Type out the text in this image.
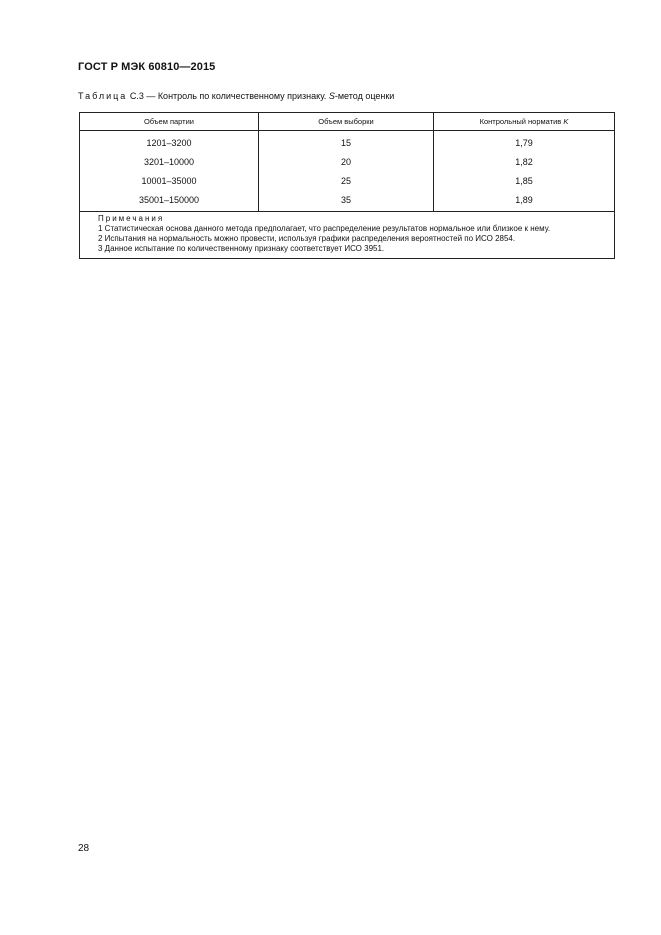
ГОСТ Р МЭК 60810—2015
Таблица С.3 — Контроль по количественному признаку. S-метод оценки
Объем партии	Объем выборки	Контрольный норматив K
1201–3200	15	1,79
3201–10000	20	1,82
10001–35000	25	1,85
35001–150000	35	1,89

Примечания
1 Статистическая основа данного метода предполагает, что распределение результатов нормальное или близкое к нему.
2 Испытания на нормальность можно провести, используя графики распределения вероятностей по ИСО 2854.
3 Данное испытание по количественному признаку соответствует ИСО 3951.		
28
